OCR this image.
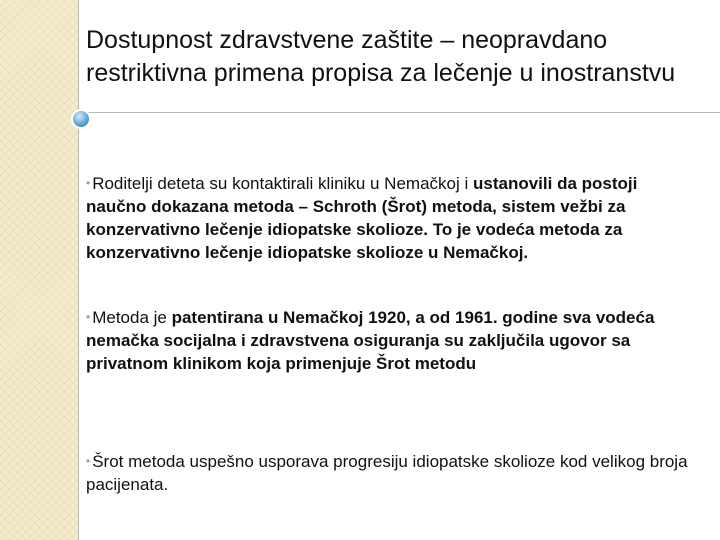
Dostupnost zdravstvene zaštite – neopravdano restriktivna primena propisa za lečenje u inostranstvu
• Roditelji deteta su kontaktirali kliniku u Nemačkoj i ustanovili da postoji naučno dokazana metoda – Schroth (Šrot) metoda, sistem vežbi za konzervativno lečenje idiopatske skolioze. To je vodeća metoda za konzervativno lečenje idiopatske skolioze u Nemačkoj.
• Metoda je patentirana u Nemačkoj 1920, a od 1961. godine sva vodeća nemačka socijalna i zdravstvena osiguranja su zaključila ugovor sa privatnom klinikom koja primenjuje Šrot metodu
• Šrot metoda uspešno usporava progresiju idiopatske skolioze kod velikog broja pacijenata.
